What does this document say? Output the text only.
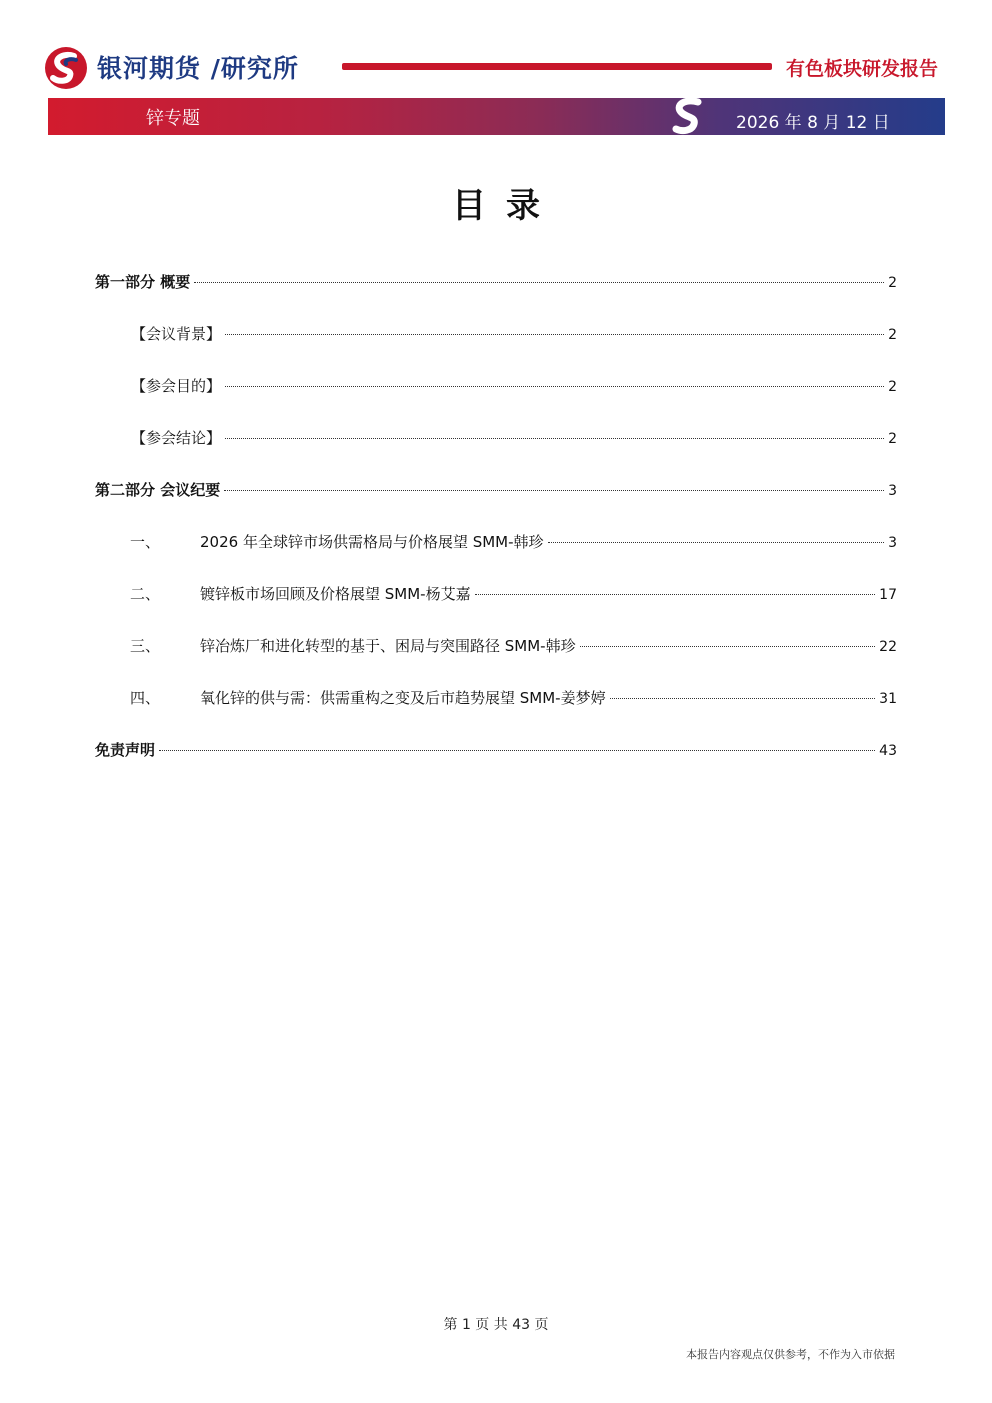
银河期货 /研究所	有色板块研发报告
锌专题	2026 年 8 月 12 日
目录
第一部分 概要	2
【会议背景】	2
【参会目的】	2
【参会结论】	2
第二部分 会议纪要	3
一、	2026 年全球锌市场供需格局与价格展望 SMM-韩珍	3
二、	镀锌板市场回顾及价格展望 SMM-杨艾嘉	17
三、	锌冶炼厂和进化转型的基于、困局与突围路径 SMM-韩珍	22
四、	氧化锌的供与需：供需重构之变及后市趋势展望 SMM-姜梦婷	31
免责声明	43
第 1 页 共 43 页
本报告内容观点仅供参考，不作为入市依据
